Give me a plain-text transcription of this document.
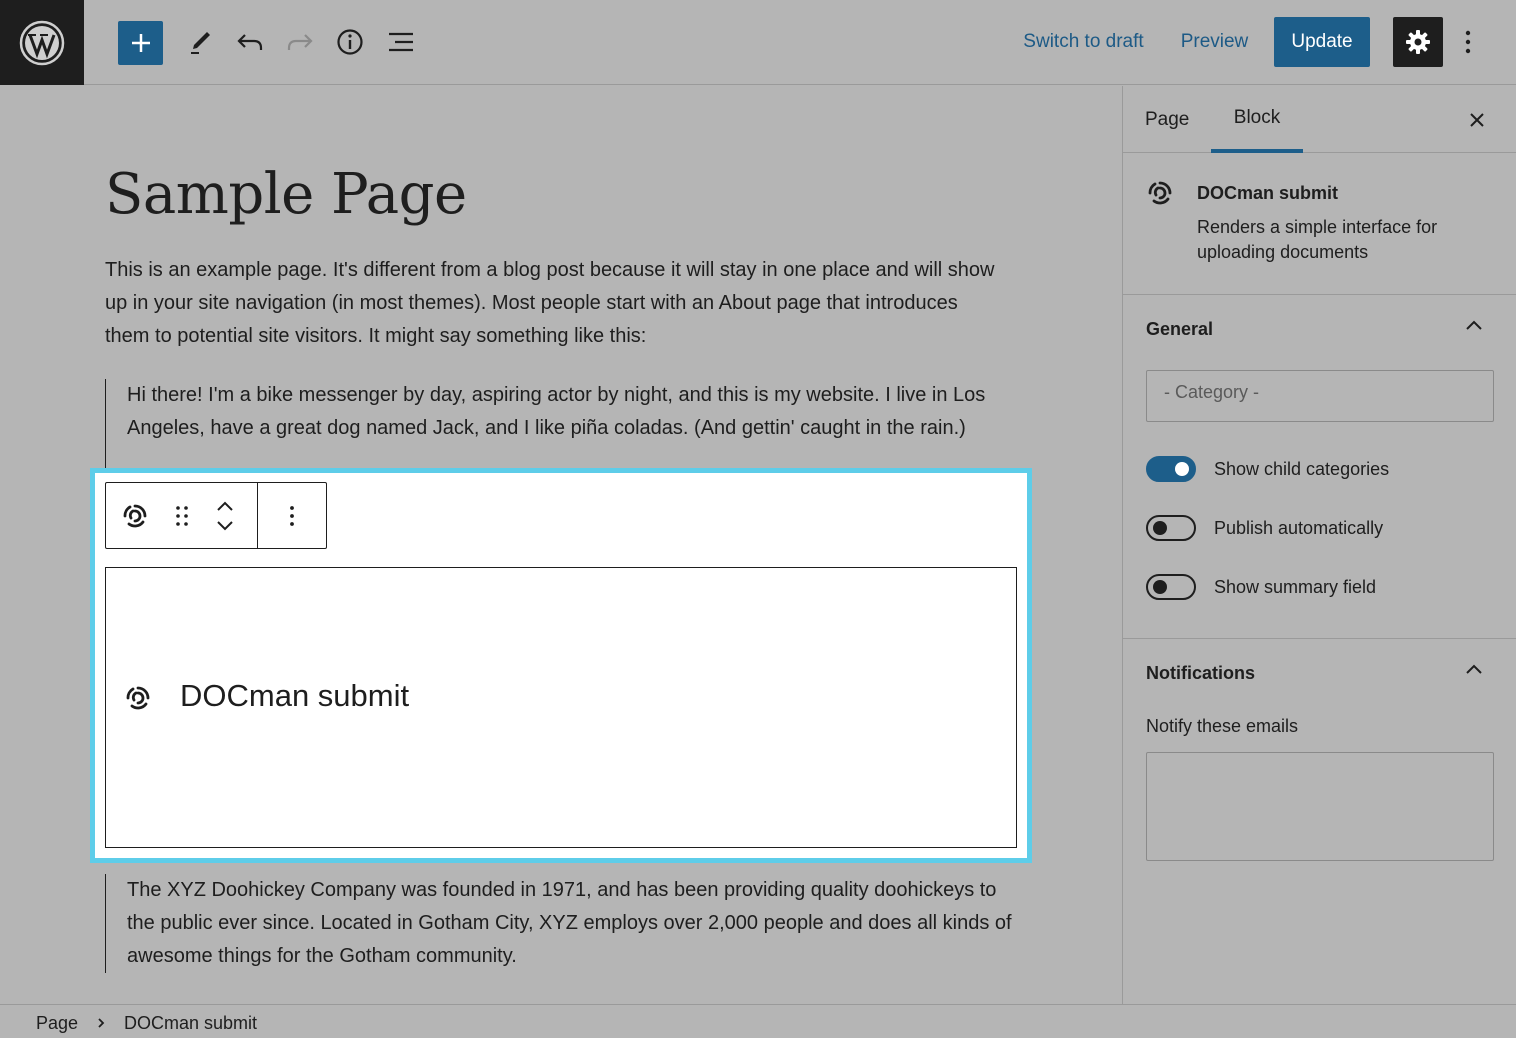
Switch to draft	Preview	Update
Sample Page
This is an example page. It's different from a blog post because it will stay in one place and will show up in your site navigation (in most themes). Most people start with an About page that introduces them to potential site visitors. It might say something like this:
Hi there! I'm a bike messenger by day, aspiring actor by night, and this is my website. I live in Los Angeles, have a great dog named Jack, and I like piña coladas. (And gettin' caught in the rain.)
DOCman submit
The XYZ Doohickey Company was founded in 1971, and has been providing quality doohickeys to the public ever since. Located in Gotham City, XYZ employs over 2,000 people and does all kinds of awesome things for the Gotham community.
Page	Block
DOCman submit
Renders a simple interface for uploading documents
General
- Category -
Show child categories
Publish automatically
Show summary field
Notifications
Notify these emails
Page	DOCman submit
